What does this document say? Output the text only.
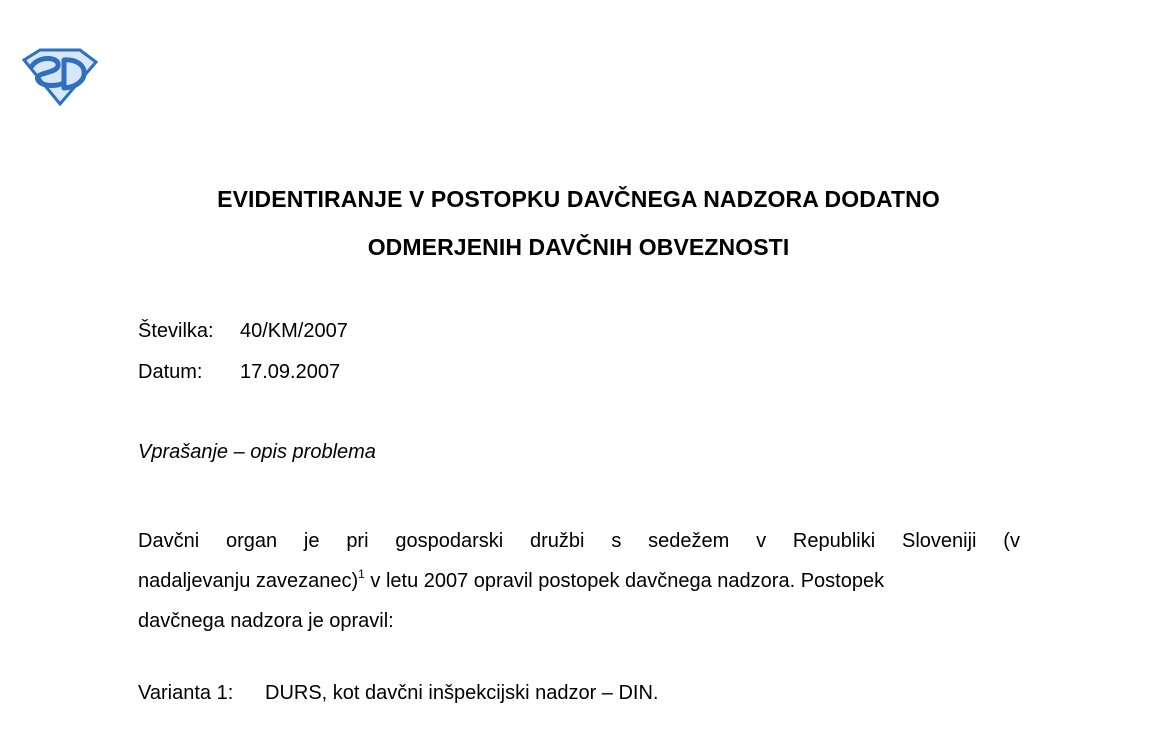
EVIDENTIRANJE V POSTOPKU DAVČNEGA NADZORA DODATNO
ODMERJENIH DAVČNIH OBVEZNOSTI
Številka: 40/KM/2007
Datum: 17.09.2007
Vprašanje – opis problema
Davčni organ je pri gospodarski družbi s sedežem v Republiki Sloveniji (v
nadaljevanju zavezanec)$^1$ v letu 2007 opravil postopek davčnega nadzora. Postopek
davčnega nadzora je opravil:
Varianta 1: DURS, kot davčni inšpekcijski nadzor – DIN.
